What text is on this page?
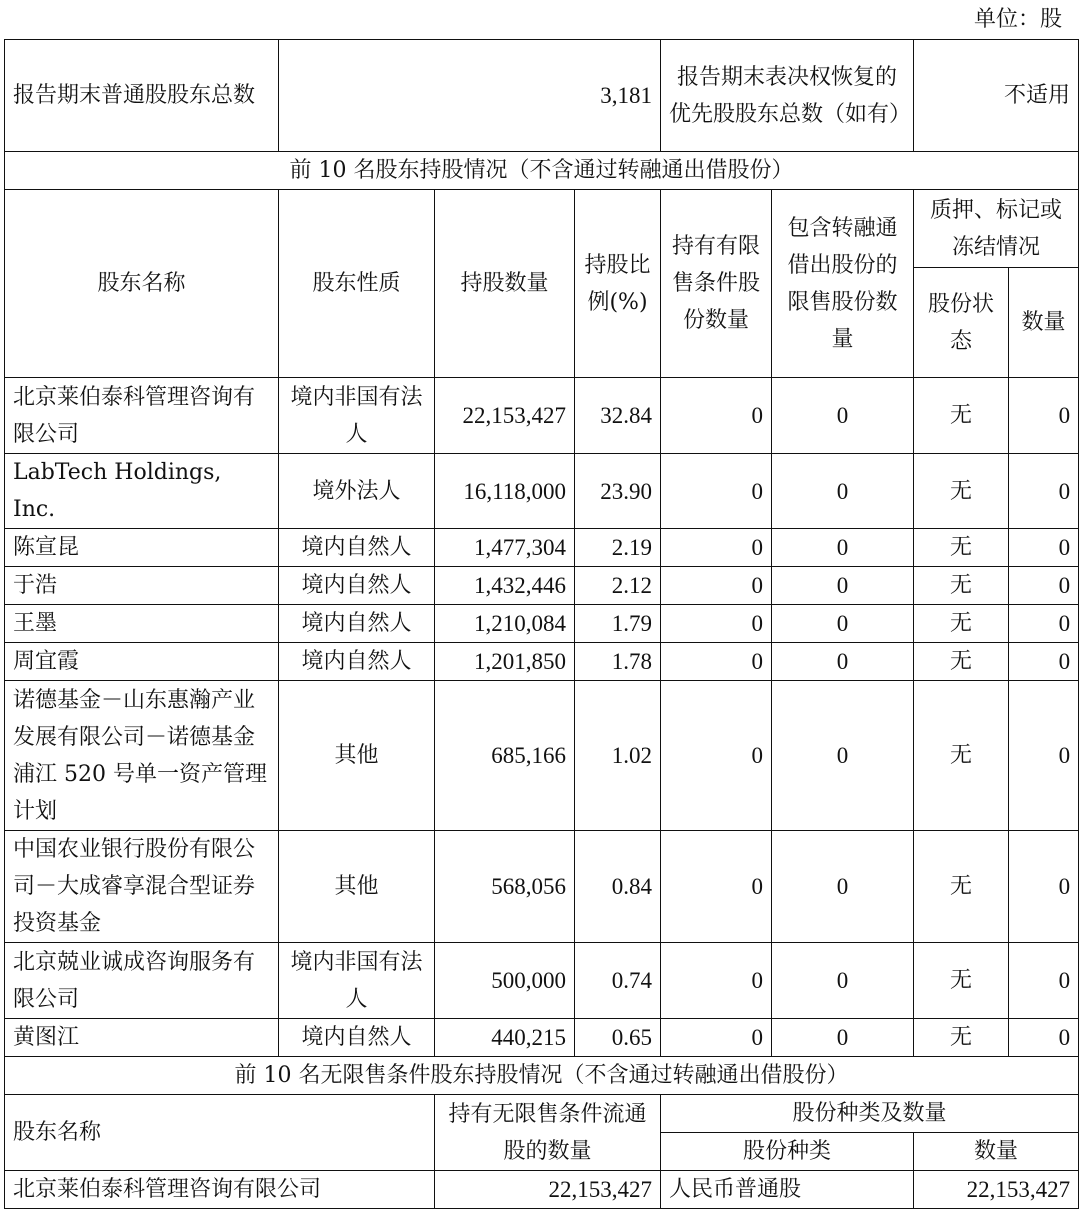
单位：股
报告期末普通股股东总数	3,181			报告期末表决权恢复的优先股股东总数（如有）		不适用	
前 10 名股东持股情况（不含通过转融通出借股份）							
股东名称	股东性质	持股数量	持股比例(%)	持有有限售条件股份数量	包含转融通借出股份的限售股份数量	质押、标记或冻结情况	
						股份状态	数量
北京莱伯泰科管理咨询有限公司	境内非国有法人	22,153,427	32.84	0	0	无	0
LabTech Holdings, Inc.	境外法人	16,118,000	23.90	0	0	无	0
陈宣昆	境内自然人	1,477,304	2.19	0	0	无	0
于浩	境内自然人	1,432,446	2.12	0	0	无	0
王墨	境内自然人	1,210,084	1.79	0	0	无	0
周宜霞	境内自然人	1,201,850	1.78	0	0	无	0
诺德基金－山东惠瀚产业发展有限公司－诺德基金浦江 520 号单一资产管理计划	其他	685,166	1.02	0	0	无	0
中国农业银行股份有限公司－大成睿享混合型证券投资基金	其他	568,056	0.84	0	0	无	0
北京兢业诚成咨询服务有限公司	境内非国有法人	500,000	0.74	0	0	无	0
黄图江	境内自然人	440,215	0.65	0	0	无	0
前 10 名无限售条件股东持股情况（不含通过转融通出借股份）							
股东名称		持有无限售条件流通股的数量		股份种类及数量			
				股份种类		数量	
北京莱伯泰科管理咨询有限公司		22,153,427		人民币普通股		22,153,427	
